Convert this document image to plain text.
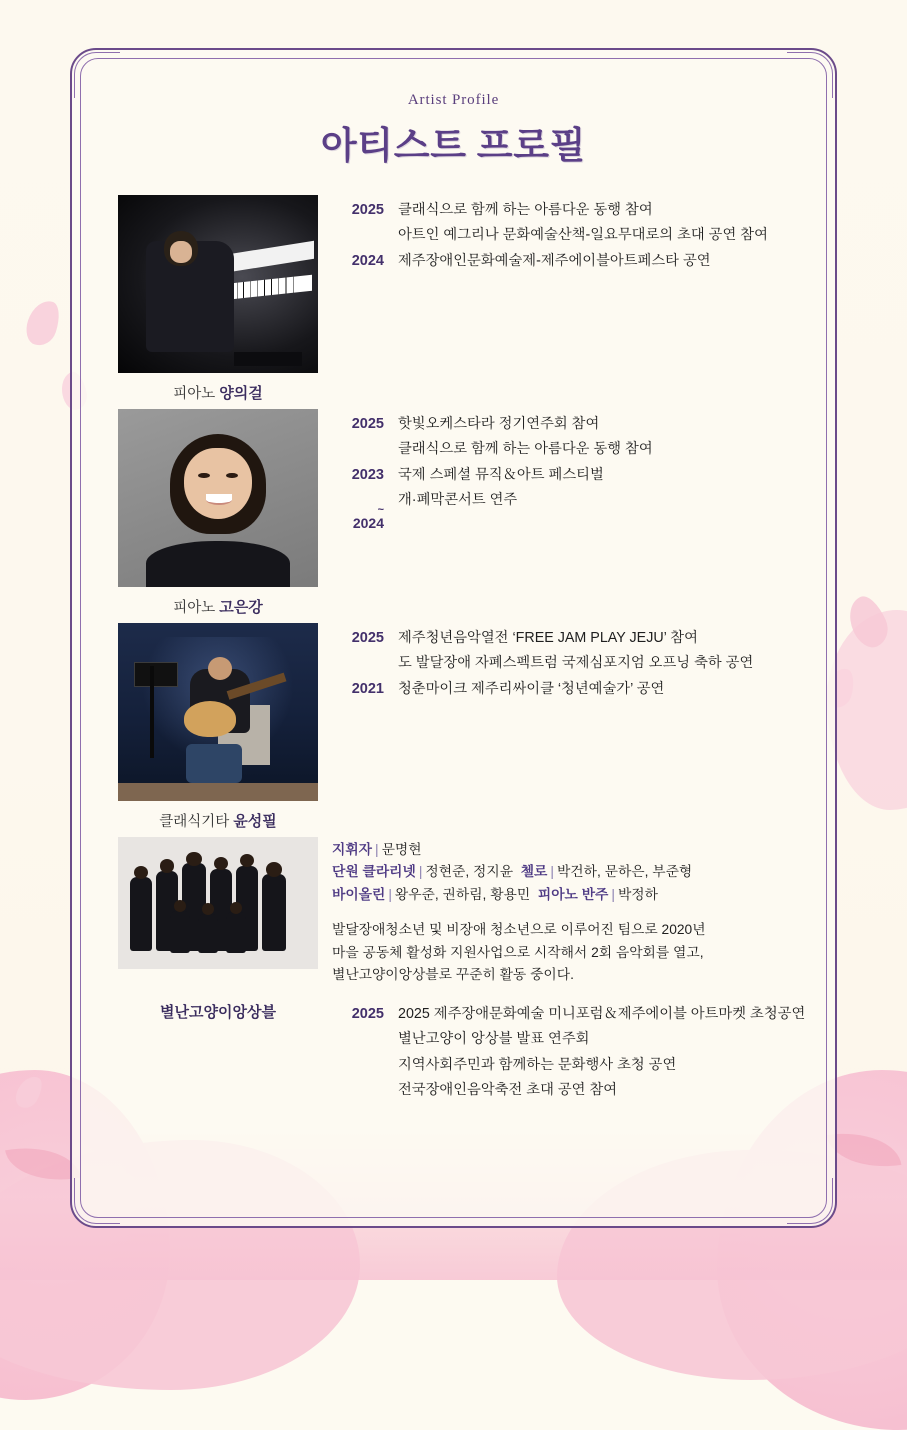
Artist Profile
아티스트 프로필
피아노 양의걸
2025 클래식으로 함께 하는 아름다운 동행 참여
아트인 예그리나 문화예술산책-일요무대로의 초대 공연 참여
2024 제주장애인문화예술제-제주에이블아트페스타 공연
피아노 고은강
2025 핫빛오케스타라 정기연주회 참여
클래식으로 함께 하는 아름다운 동행 참여
2023 국제 스페셜 뮤직＆아트 페스티벌

~
2024

개·폐막콘서트 연주
클래식기타 윤성필
2025 제주청년음악열전 ‘FREE JAM PLAY JEJU’ 참여
도 발달장애 자폐스펙트럼 국제심포지엄 오프닝 축하 공연
2021 청춘마이크 제주리싸이클 ‘청년예술가’ 공연
지휘자 | 문명현
단원 클라리넷 | 정현준, 정지윤 첼로 | 박건하, 문하은, 부준형
바이올린 | 왕우준, 권하림, 황용민 피아노 반주 | 박정하
발달장애청소년 및 비장애 청소년으로 이루어진 팀으로 2020년
마을 공동체 활성화 지원사업으로 시작해서 2회 음악회를 열고,
별난고양이앙상블로 꾸준히 활동 중이다.
별난고양이앙상블	2025 2025 제주장애문화예술 미니포럼＆제주에이블 아트마켓 초청공연
별난고양이 앙상블 발표 연주회
지역사회주민과 함께하는 문화행사 초청 공연
전국장애인음악축전 초대 공연 참여
